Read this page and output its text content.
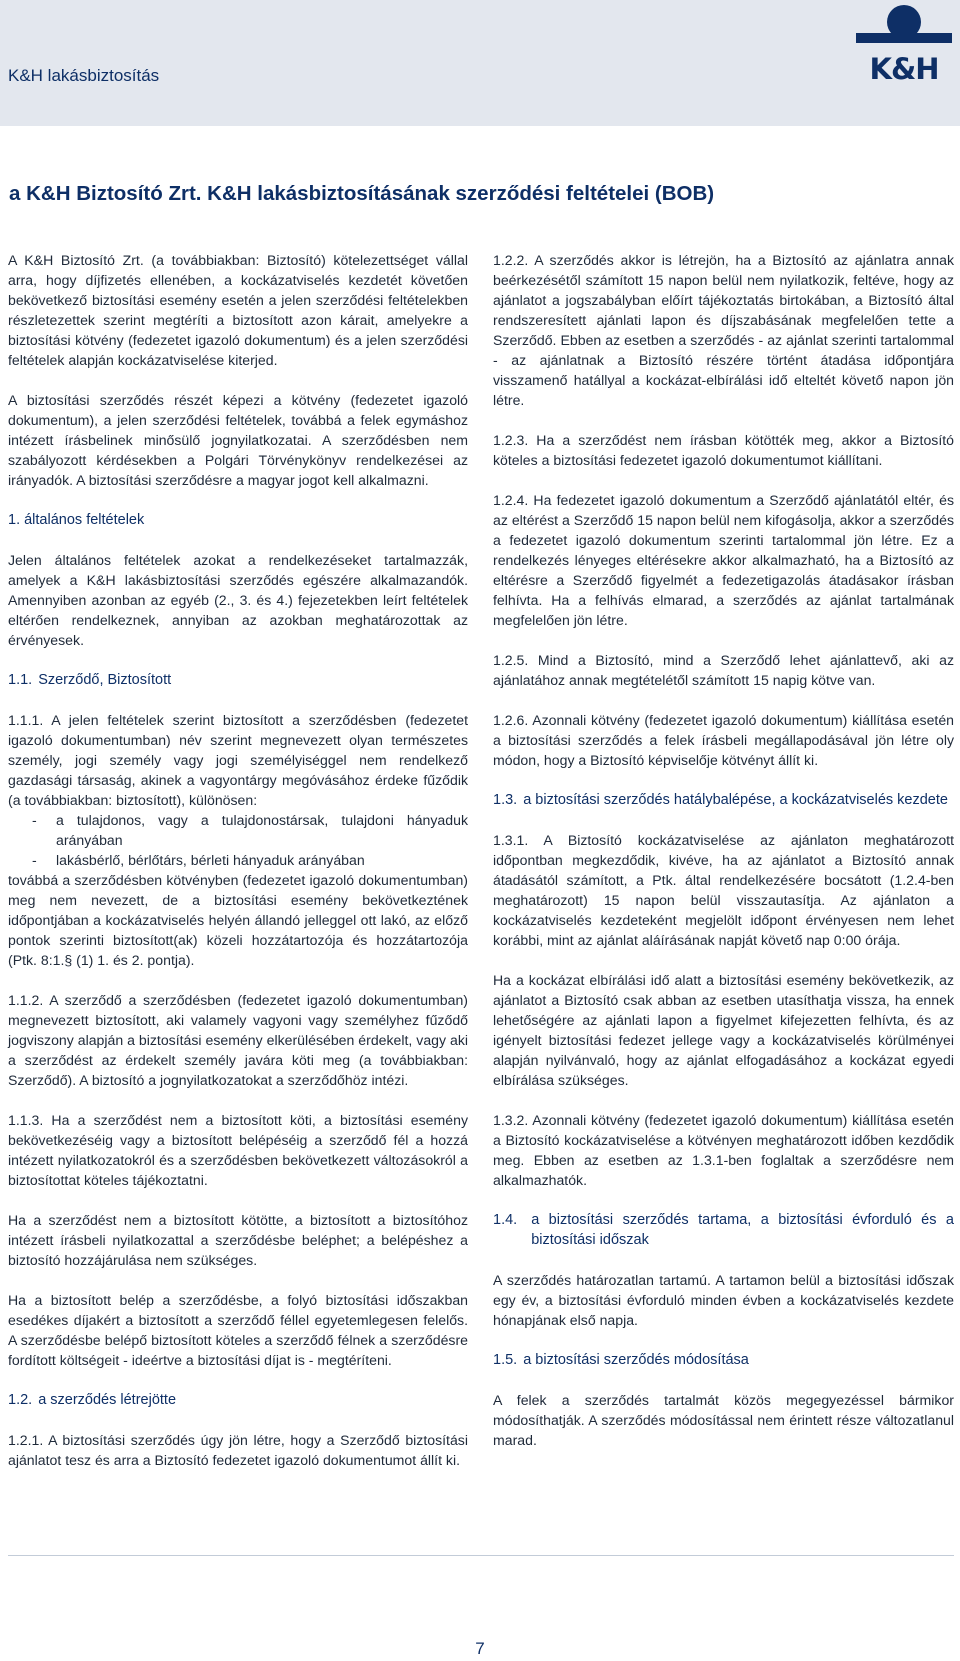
K&H lakásbiztosítás	K&H
a K&H Biztosító Zrt. K&H lakásbiztosításának szerződési feltételei (BOB)

A K&H Biztosító Zrt. (a továbbiakban: Biztosító) kötelezettséget vállal arra, hogy díjfizetés ellenében, a kockázatviselés kezdetét követően bekövetkező biztosítási esemény esetén a jelen szerződési feltételekben részletezettek szerint megtéríti a biztosított azon kárait, amelyekre a biztosítási kötvény (fedezetet igazoló dokumentum) és a jelen szerződési feltételek alapján kockázatviselése kiterjed.

A biztosítási szerződés részét képezi a kötvény (fedezetet igazoló dokumentum), a jelen szerződési feltételek, továbbá a felek egymáshoz intézett írásbelinek minősülő jognyilatkozatai. A szerződésben nem szabályozott kérdésekben a Polgári Törvénykönyv rendelkezései az irányadók. A biztosítási szerződésre a magyar jogot kell alkalmazni.

1. általános feltételek

Jelen általános feltételek azokat a rendelkezéseket tartalmazzák, amelyek a K&H lakásbiztosítási szerződés egészére alkalmazandók. Amennyiben azonban az egyéb (2., 3. és 4.) fejezetekben leírt feltételek eltérően rendelkeznek, annyiban az azokban meghatározottak az érvényesek.

1.1. Szerződő, Biztosított

1.1.1. A jelen feltételek szerint biztosított a szerződésben (fedezetet igazoló dokumentumban) név szerint megnevezett olyan természetes személy, jogi személy vagy jogi személyiséggel nem rendelkező gazdasági társaság, akinek a vagyontárgy megóvásához érdeke fűződik (a továbbiakban: biztosított), különösen:

-	a tulajdonos, vagy a tulajdonostársak, tulajdoni hányaduk arányában
-	lakásbérlő, bérlőtárs, bérleti hányaduk arányában

továbbá a szerződésben kötvényben (fedezetet igazoló dokumentumban) meg nem nevezett, de a biztosítási esemény bekövetkeztének időpontjában a kockázatviselés helyén állandó jelleggel ott lakó, az előző pontok szerinti biztosított(ak) közeli hozzátartozója és hozzátartozója (Ptk. 8:1.§ (1) 1. és 2. pontja).

1.1.2. A szerződő a szerződésben (fedezetet igazoló dokumentumban) megnevezett biztosított, aki valamely vagyoni vagy személyhez fűződő jogviszony alapján a biztosítási esemény elkerülésében érdekelt, vagy aki a szerződést az érdekelt személy javára köti meg (a továbbiakban: Szerződő). A biztosító a jognyilatkozatokat a szerződőhöz intézi.

1.1.3. Ha a szerződést nem a biztosított köti, a biztosítási esemény bekövetkezéséig vagy a biztosított belépéséig a szerződő fél a hozzá intézett nyilatkozatokról és a szerződésben bekövetkezett változásokról a biztosítottat köteles tájékoztatni.

Ha a szerződést nem a biztosított kötötte, a biztosított a biztosítóhoz intézett írásbeli nyilatkozattal a szerződésbe beléphet; a belépéshez a biztosító hozzájárulása nem szükséges.

Ha a biztosított belép a szerződésbe, a folyó biztosítási időszakban esedékes díjakért a biztosított a szerződő féllel egyetemlegesen felelős. A szerződésbe belépő biztosított köteles a szerződő félnek a szerződésre fordított költségeit - ideértve a biztosítási díjat is - megtéríteni.

1.2. a szerződés létrejötte

1.2.1. A biztosítási szerződés úgy jön létre, hogy a Szerződő biztosítási ajánlatot tesz és arra a Biztosító fedezetet igazoló dokumentumot állít ki.

1.2.2. A szerződés akkor is létrejön, ha a Biztosító az ajánlatra annak beérkezésétől számított 15 napon belül nem nyilatkozik, feltéve, hogy az ajánlatot a jogszabályban előírt tájékoztatás birtokában, a Biztosító által rendszeresített ajánlati lapon és díjszabásának megfelelően tette a Szerződő. Ebben az esetben a szerződés - az ajánlat szerinti tartalommal - az ajánlatnak a Biztosító részére történt átadása időpontjára visszamenő hatállyal a kockázat-elbírálási idő elteltét követő napon jön létre.

1.2.3. Ha a szerződést nem írásban kötötték meg, akkor a Biztosító köteles a biztosítási fedezetet igazoló dokumentumot kiállítani.

1.2.4. Ha fedezetet igazoló dokumentum a Szerződő ajánlatától eltér, és az eltérést a Szerződő 15 napon belül nem kifogásolja, akkor a szerződés a fedezetet igazoló dokumentum szerinti tartalommal jön létre. Ez a rendelkezés lényeges eltérésekre akkor alkalmazható, ha a Biztosító az eltérésre a Szerződő figyelmét a fedezetigazolás átadásakor írásban felhívta. Ha a felhívás elmarad, a szerződés az ajánlat tartalmának megfelelően jön létre.

1.2.5. Mind a Biztosító, mind a Szerződő lehet ajánlattevő, aki az ajánlatához annak megtételétől számított 15 napig kötve van.

1.2.6. Azonnali kötvény (fedezetet igazoló dokumentum) kiállítása esetén a biztosítási szerződés a felek írásbeli megállapodásával jön létre oly módon, hogy a Biztosító képviselője kötvényt állít ki.

1.3. a biztosítási szerződés hatálybalépése, a kockázatviselés kezdete

1.3.1. A Biztosító kockázatviselése az ajánlaton meghatározott időpontban megkezdődik, kivéve, ha az ajánlatot a Biztosító annak átadásától számított, a Ptk. által rendelkezésére bocsátott (1.2.4-ben meghatározott) 15 napon belül visszautasítja. Az ajánlaton a kockázatviselés kezdeteként megjelölt időpont érvényesen nem lehet korábbi, mint az ajánlat aláírásának napját követő nap 0:00 órája.

Ha a kockázat elbírálási idő alatt a biztosítási esemény bekövetkezik, az ajánlatot a Biztosító csak abban az esetben utasíthatja vissza, ha ennek lehetőségére az ajánlati lapon a figyelmet kifejezetten felhívta, és az igényelt biztosítási fedezet jellege vagy a kockázatviselés körülményei alapján nyilvánvaló, hogy az ajánlat elfogadásához a kockázat egyedi elbírálása szükséges.

1.3.2. Azonnali kötvény (fedezetet igazoló dokumentum) kiállítása esetén a Biztosító kockázatviselése a kötvényen meghatározott időben kezdődik meg. Ebben az esetben az 1.3.1-ben foglaltak a szerződésre nem alkalmazhatók.

1.4. a biztosítási szerződés tartama, a biztosítási évforduló és a biztosítási időszak

A szerződés határozatlan tartamú. A tartamon belül a biztosítási időszak egy év, a biztosítási évforduló minden évben a kockázatviselés kezdete hónapjának első napja.

1.5. a biztosítási szerződés módosítása

A felek a szerződés tartalmát közös megegyezéssel bármikor módosíthatják. A szerződés módosítással nem érintett része változatlanul marad.

7
